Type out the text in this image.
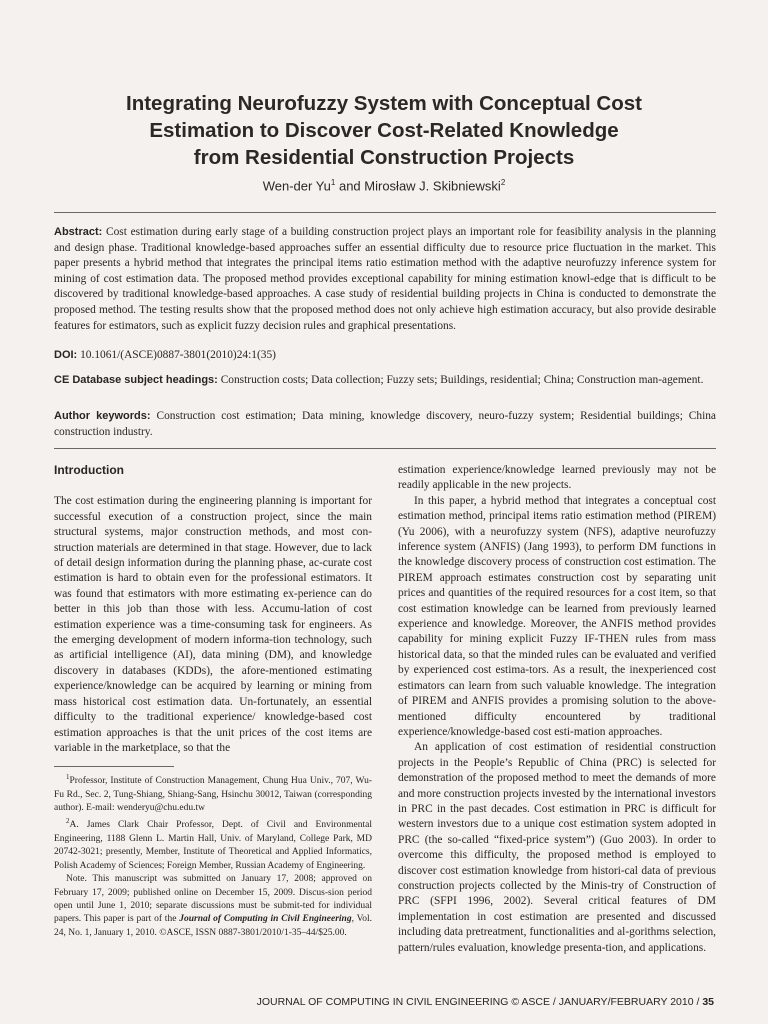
Integrating Neurofuzzy System with Conceptual Cost
Estimation to Discover Cost-Related Knowledge
from Residential Construction Projects
Wen-der Yu$^1$ and Mirosław J. Skibniewski$^2$
Abstract: Cost estimation during early stage of a building construction project plays an important role for feasibility analysis in the planning and design phase. Traditional knowledge-based approaches suffer an essential difficulty due to resource price fluctuation in the market. This paper presents a hybrid method that integrates the principal items ratio estimation method with the adaptive neurofuzzy inference system for mining of cost estimation data. The proposed method provides exceptional capability for mining estimation knowl-edge that is difficult to be discovered by traditional knowledge-based approaches. A case study of residential building projects in China is conducted to demonstrate the proposed method. The testing results show that the proposed method does not only achieve high estimation accuracy, but also provide desirable features for estimators, such as explicit fuzzy decision rules and graphical presentations.
DOI: 10.1061/(ASCE)0887-3801(2010)24:1(35)
CE Database subject headings: Construction costs; Data collection; Fuzzy sets; Buildings, residential; China; Construction man-agement.
Author keywords: Construction cost estimation; Data mining, knowledge discovery, neuro-fuzzy system; Residential buildings; China construction industry.

Introduction

The cost estimation during the engineering planning is important for successful execution of a construction project, since the main structural systems, major construction methods, and most con-struction materials are determined in that stage. However, due to lack of detail design information during the planning phase, ac-curate cost estimation is hard to obtain even for the professional estimators. It was found that estimators with more estimating ex-perience can do better in this job than those with less. Accumu-lation of cost estimation experience was a time-consuming task for engineers. As the emerging development of modern informa-tion technology, such as artificial intelligence (AI), data mining (DM), and knowledge discovery in databases (KDDs), the afore-mentioned estimating experience/knowledge can be acquired by learning or mining from mass historical cost estimation data. Un-fortunately, an essential difficulty to the traditional experience/ knowledge-based cost estimation approaches is that the unit prices of the cost items are variable in the marketplace, so that the

estimation experience/knowledge learned previously may not be readily applicable in the new projects.

In this paper, a hybrid method that integrates a conceptual cost estimation method, principal items ratio estimation method (PIREM) (Yu 2006), with a neurofuzzy system (NFS), adaptive neurofuzzy inference system (ANFIS) (Jang 1993), to perform DM functions in the knowledge discovery process of construction cost estimation. The PIREM approach estimates construction cost by separating unit prices and quantities of the required resources for a cost item, so that cost estimation knowledge can be learned from previously learned experience and knowledge. Moreover, the ANFIS method provides capability for mining explicit Fuzzy IF-THEN rules from mass historical data, so that the minded rules can be evaluated and verified by experienced cost estima-tors. As a result, the inexperienced cost estimators can learn from such valuable knowledge. The integration of PIREM and ANFIS provides a promising solution to the above-mentioned difficulty encountered by traditional experience/knowledge-based cost esti-mation approaches.

An application of cost estimation of residential construction projects in the People’s Republic of China (PRC) is selected for demonstration of the proposed method to meet the demands of more and more construction projects invested by the international investors in PRC in the past decades. Cost estimation in PRC is difficult for western investors due to a unique cost estimation system adopted in PRC (the so-called “fixed-price system”) (Guo 2003). In order to overcome this difficulty, the proposed method is employed to discover cost estimation knowledge from histori-cal data of previous construction projects collected by the Minis-try of Construction of PRC (SFPI 1996, 2002). Several critical features of DM implementation in cost estimation are presented and discussed including data pretreatment, functionalities and al-gorithms selection, pattern/rules evaluation, knowledge presenta-tion, and applications.

$^1$Professor, Institute of Construction Management, Chung Hua Univ., 707, Wu-Fu Rd., Sec. 2, Tung-Shiang, Shiang-Sang, Hsinchu 30012, Taiwan (corresponding author). E-mail: wenderyu@chu.edu.tw

$^2$A. James Clark Chair Professor, Dept. of Civil and Environmental Engineering, 1188 Glenn L. Martin Hall, Univ. of Maryland, College Park, MD 20742-3021; presently, Member, Institute of Theoretical and Applied Informatics, Polish Academy of Sciences; Foreign Member, Russian Academy of Engineering.

Note. This manuscript was submitted on January 17, 2008; approved on February 17, 2009; published online on December 15, 2009. Discus-sion period open until June 1, 2010; separate discussions must be submit-ted for individual papers. This paper is part of the Journal of Computing in Civil Engineering, Vol. 24, No. 1, January 1, 2010. ©ASCE, ISSN 0887-3801/2010/1-35–44/$25.00.

JOURNAL OF COMPUTING IN CIVIL ENGINEERING © ASCE / JANUARY/FEBRUARY 2010 / 35
